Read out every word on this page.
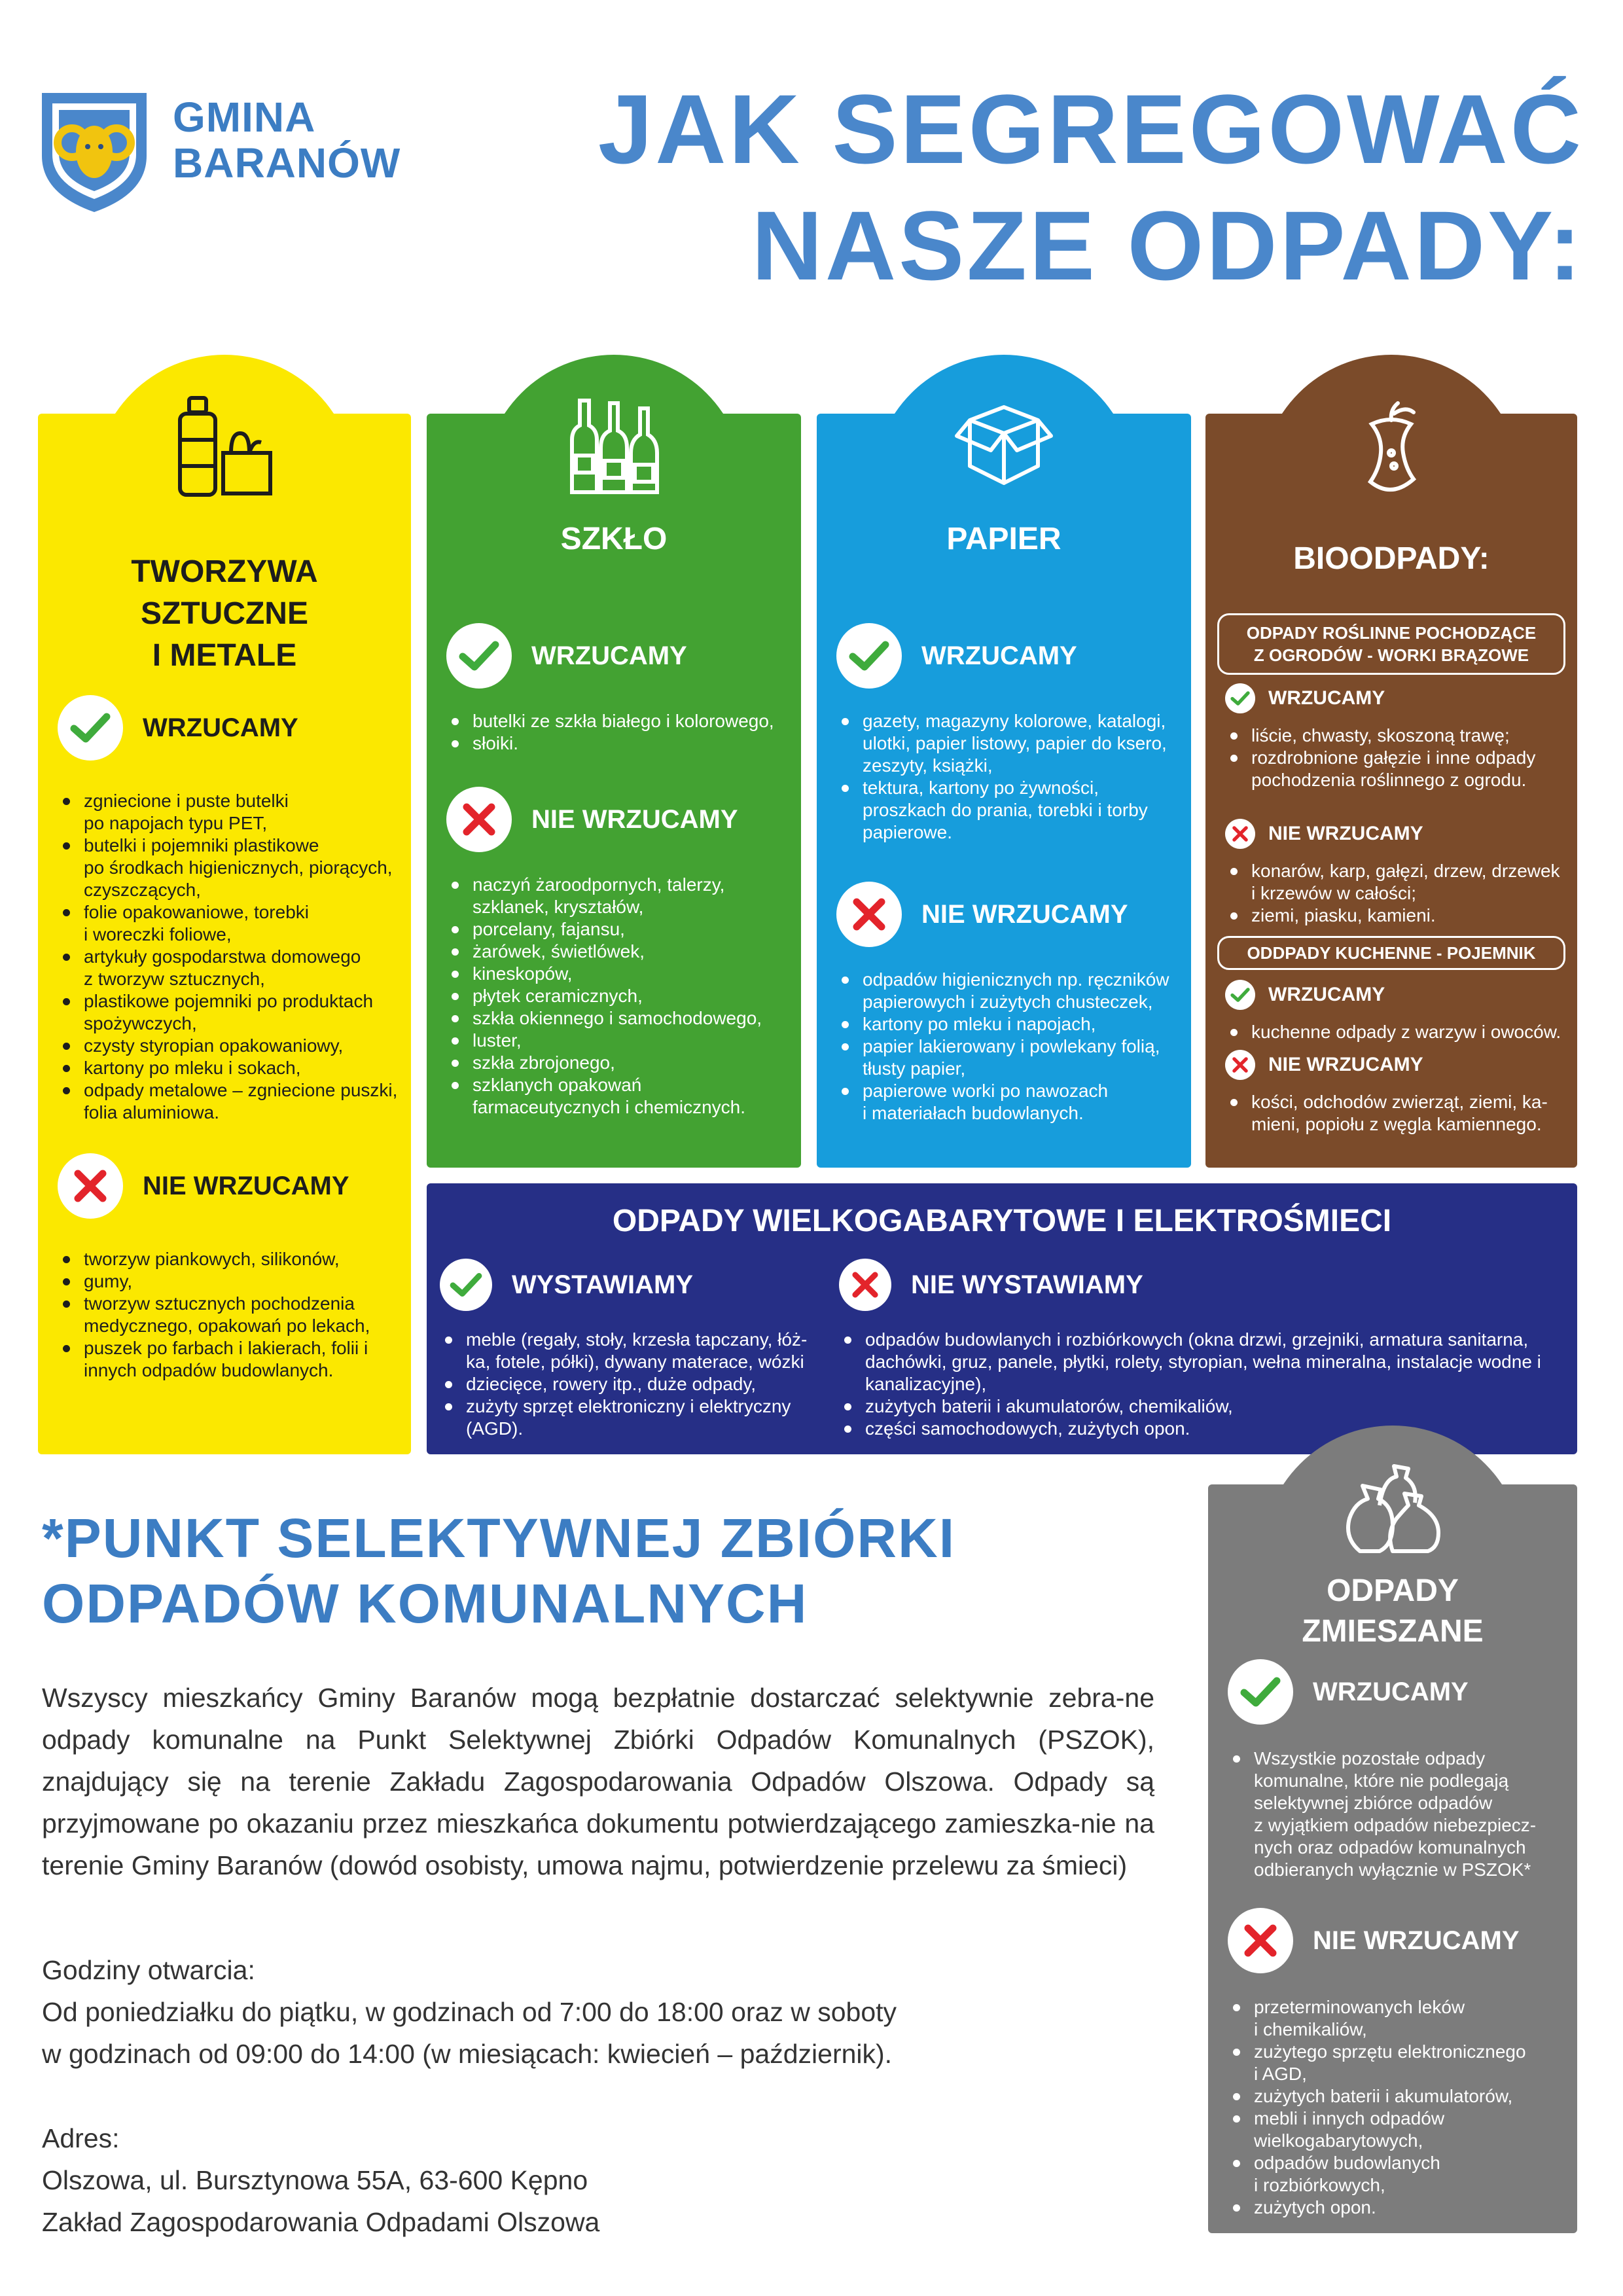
GMINA
BARANÓW JAK SEGREGOWAĆ
NASZE ODPADY:
TWORZYWA
SZTUCZNE
I METALE
WRZUCAMY
zgniecione i puste butelki
po napojach typu PET,
butelki i pojemniki plastikowe
po środkach higienicznych, piorących, czyszczących,
folie opakowaniowe, torebki
i woreczki foliowe,
artykuły gospodarstwa domowego
z tworzyw sztucznych,
plastikowe pojemniki po produktach spożywczych,
czysty styropian opakowaniowy,
kartony po mleku i sokach,
odpady metalowe – zgniecione puszki, folia aluminiowa.
NIE WRZUCAMY
tworzyw piankowych, silikonów,
gumy,
tworzyw sztucznych pochodzenia medycznego, opakowań po lekach,
puszek po farbach i lakierach, folii i innych odpadów budowlanych.
SZKŁO
WRZUCAMY
butelki ze szkła białego i kolorowego,
słoiki.
NIE WRZUCAMY
naczyń żaroodpornych, talerzy, szklanek, kryształów,
porcelany, fajansu,
żarówek, świetlówek,
kineskopów,
płytek ceramicznych,
szkła okiennego i samochodowego,
luster,
szkła zbrojonego,
szklanych opakowań farmaceutycznych i chemicznych.
PAPIER
WRZUCAMY
gazety, magazyny kolorowe, katalogi, ulotki, papier listowy, papier do ksero, zeszyty, książki,
tektura, kartony po żywności, proszkach do prania, torebki i torby papierowe.
NIE WRZUCAMY
odpadów higienicznych np. ręczników papierowych i zużytych chusteczek,
kartony po mleku i napojach,
papier lakierowany i powlekany folią, tłusty papier,
papierowe worki po nawozach
i materiałach budowlanych.
BIOODPADY:
ODPADY ROŚLINNE POCHODZĄCE
Z OGRODÓW - WORKI BRĄZOWE
WRZUCAMY
liście, chwasty, skoszoną trawę;
rozdrobnione gałęzie i inne odpady pochodzenia roślinnego z ogrodu.
NIE WRZUCAMY
konarów, karp, gałęzi, drzew, drzewek i krzewów w całości;
ziemi, piasku, kamieni.
ODDPADY KUCHENNE - POJEMNIK
WRZUCAMY
kuchenne odpady z warzyw i owoców.
NIE WRZUCAMY
kości, odchodów zwierząt, ziemi, ka-
mieni, popiołu z węgla kamiennego.
ODPADY WIELKOGABARYTOWE I ELEKTROŚMIECI
WYSTAWIAMY
meble (regały, stoły, krzesła tapczany, łóż-
ka, fotele, półki), dywany materace, wózki
dziecięce, rowery itp., duże odpady,
zużyty sprzęt elektroniczny i elektryczny (AGD).
NIE WYSTAWIAMY
odpadów budowlanych i rozbiórkowych (okna drzwi, grzejniki, armatura sanitarna, dachówki, gruz, panele, płytki, rolety, styropian, wełna mineralna, instalacje wodne i kanalizacyjne),
zużytych baterii i akumulatorów, chemikaliów,
części samochodowych, zużytych opon.
ODPADY
ZMIESZANE
WRZUCAMY
Wszystkie pozostałe odpady komunalne, które nie podlegają selektywnej zbiórce odpadów
z wyjątkiem odpadów niebezpiecz-
nych oraz odpadów komunalnych odbieranych wyłącznie w PSZOK*
NIE WRZUCAMY
przeterminowanych leków
i chemikaliów,
zużytego sprzętu elektronicznego
i AGD,
zużytych baterii i akumulatorów,
mebli i innych odpadów wielkogabarytowych,
odpadów budowlanych
i rozbiórkowych,
zużytych opon.
*PUNKT SELEKTYWNEJ ZBIÓRKI
ODPADÓW KOMUNALNYCH
Wszyscy mieszkańcy Gminy Baranów mogą bezpłatnie dostarczać selektywnie zebra-ne odpady komunalne na Punkt Selektywnej Zbiórki Odpadów Komunalnych (PSZOK), znajdujący się na terenie Zakładu Zagospodarowania Odpadów Olszowa. Odpady są przyjmowane po okazaniu przez mieszkańca dokumentu potwierdzającego zamieszka-nie na terenie Gminy Baranów (dowód osobisty, umowa najmu, potwierdzenie przelewu za śmieci)
Godziny otwarcia:
Od poniedziałku do piątku, w godzinach od 7:00 do 18:00 oraz w soboty
w godzinach od 09:00 do 14:00 (w miesiącach: kwiecień – październik).
Adres:
Olszowa, ul. Bursztynowa 55A, 63-600 Kępno
Zakład Zagospodarowania Odpadami Olszowa
